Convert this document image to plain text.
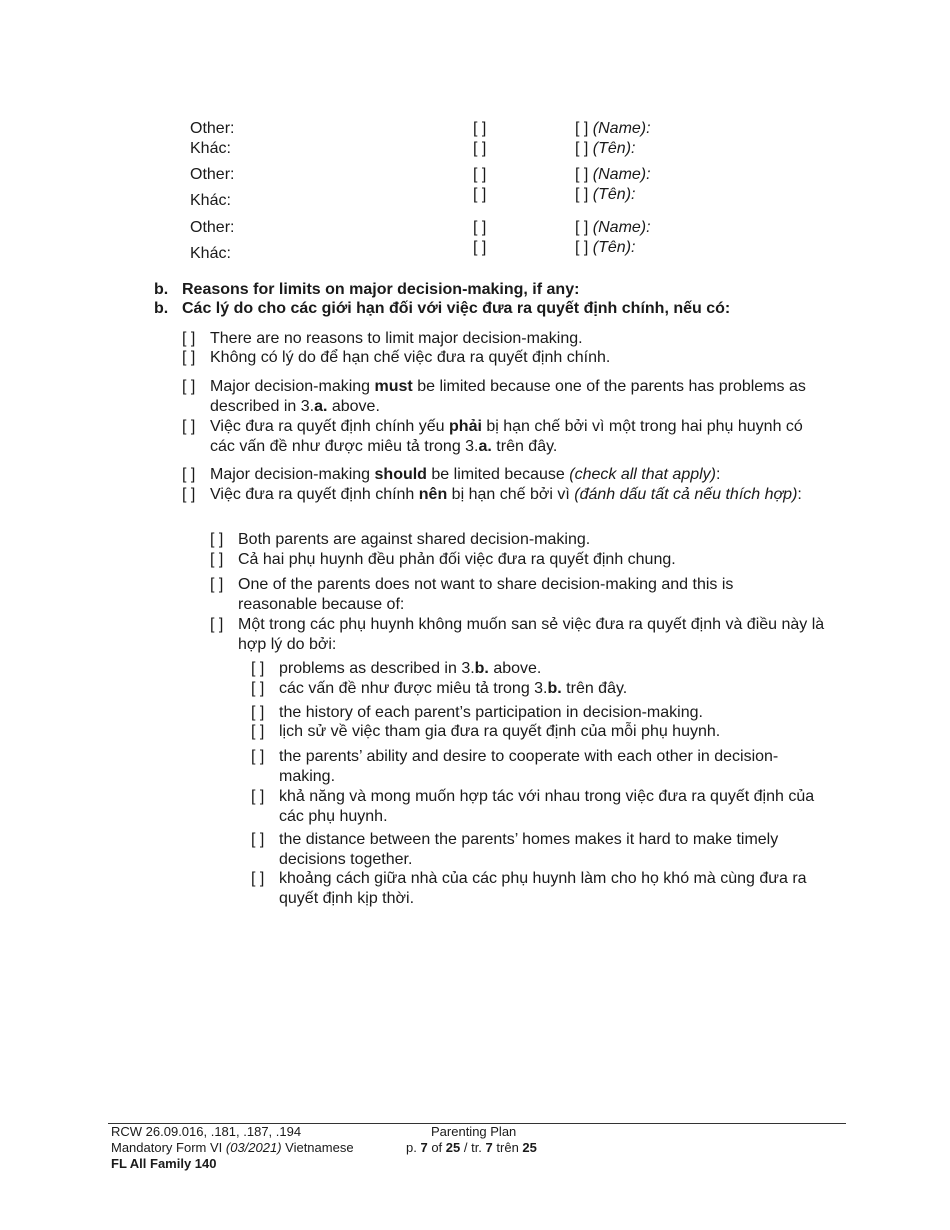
Other:
Khác:
[ ]
[ ]
[ ] (Name):
[ ] (Tên):
Other:
Khác:
[ ]
[ ]
[ ] (Name):
[ ] (Tên):
Other:
Khác:
[ ]
[ ]
[ ] (Name):
[ ] (Tên):
b. Reasons for limits on major decision-making, if any:
b. Các lý do cho các giới hạn đối với việc đưa ra quyết định chính, nếu có:
[ ] There are no reasons to limit major decision-making.
[ ] Không có lý do để hạn chế việc đưa ra quyết định chính.
[ ] Major decision-making must be limited because one of the parents has problems as described in 3.a. above.
[ ] Việc đưa ra quyết định chính yếu phải bị hạn chế bởi vì một trong hai phụ huynh có các vấn đề như được miêu tả trong 3.a. trên đây.
[ ] Major decision-making should be limited because (check all that apply):
[ ] Việc đưa ra quyết định chính nên bị hạn chế bởi vì (đánh dấu tất cả nếu thích hợp):
[ ] Both parents are against shared decision-making.
[ ] Cả hai phụ huynh đều phản đối việc đưa ra quyết định chung.
[ ] One of the parents does not want to share decision-making and this is reasonable because of:
[ ] Một trong các phụ huynh không muốn san sẻ việc đưa ra quyết định và điều này là hợp lý do bởi:
[ ] problems as described in 3.b. above.
[ ] các vấn đề như được miêu tả trong 3.b. trên đây.
[ ] the history of each parent’s participation in decision-making.
[ ] lịch sử về việc tham gia đưa ra quyết định của mỗi phụ huynh.
[ ] the parents’ ability and desire to cooperate with each other in decision-making.
[ ] khả năng và mong muốn hợp tác với nhau trong việc đưa ra quyết định của các phụ huynh.
[ ] the distance between the parents’ homes makes it hard to make timely decisions together.
[ ] khoảng cách giữa nhà của các phụ huynh làm cho họ khó mà cùng đưa ra quyết định kịp thời.
RCW 26.09.016, .181, .187, .194
Mandatory Form VI (03/2021) Vietnamese
FL All Family 140
Parenting Plan
p. 7 of 25 / tr. 7 trên 25
